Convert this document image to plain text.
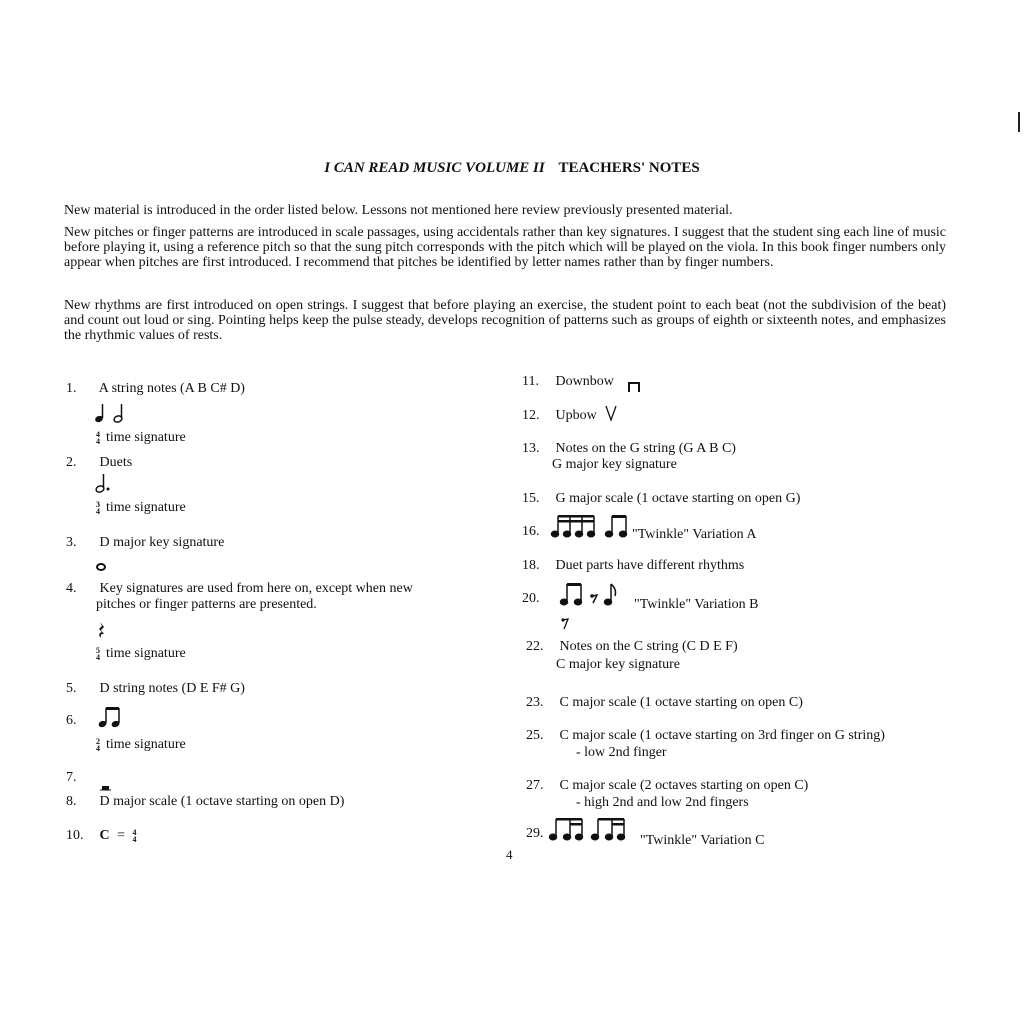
I CAN READ MUSIC VOLUME II TEACHERS' NOTES
New material is introduced in the order listed below. Lessons not mentioned here review previously presented material.
New pitches or finger patterns are introduced in scale passages, using accidentals rather than key signatures. I suggest that the student sing each line of music before playing it, using a reference pitch so that the sung pitch corresponds with the pitch which will be played on the viola. In this book finger numbers only appear when pitches are first introduced. I recommend that pitches be identified by letter names rather than by finger numbers.
New rhythms are first introduced on open strings. I suggest that before playing an exercise, the student point to each beat (not the subdivision of the beat) and count out loud or sing. Pointing helps keep the pulse steady, develops recognition of patterns such as groups of eighth or sixteenth notes, and emphasizes the rhythmic values of rests.
1. A string notes (A B C# D)
4
4 time signature
2. Duets
3
4 time signature
3. D major key signature
4. Key signatures are used from here on, except when new
pitches or finger patterns are presented.
5
4 time signature
5. D string notes (D E F# G)
6.
2
4 time signature
7.
8. D major scale (1 octave starting on open D)
10. C = 4
4
11. Downbow
12. Upbow
13. Notes on the G string (G A B C)
G major key signature
15. G major scale (1 octave starting on open G)
16.	"Twinkle" Variation A
18. Duet parts have different rhythms
20.	"Twinkle" Variation B
22. Notes on the C string (C D E F)
C major key signature
23. C major scale (1 octave starting on open C)
25. C major scale (1 octave starting on 3rd finger on G string)
- low 2nd finger
27. C major scale (2 octaves starting on open C)
- high 2nd and low 2nd fingers
29.	"Twinkle" Variation C
4
